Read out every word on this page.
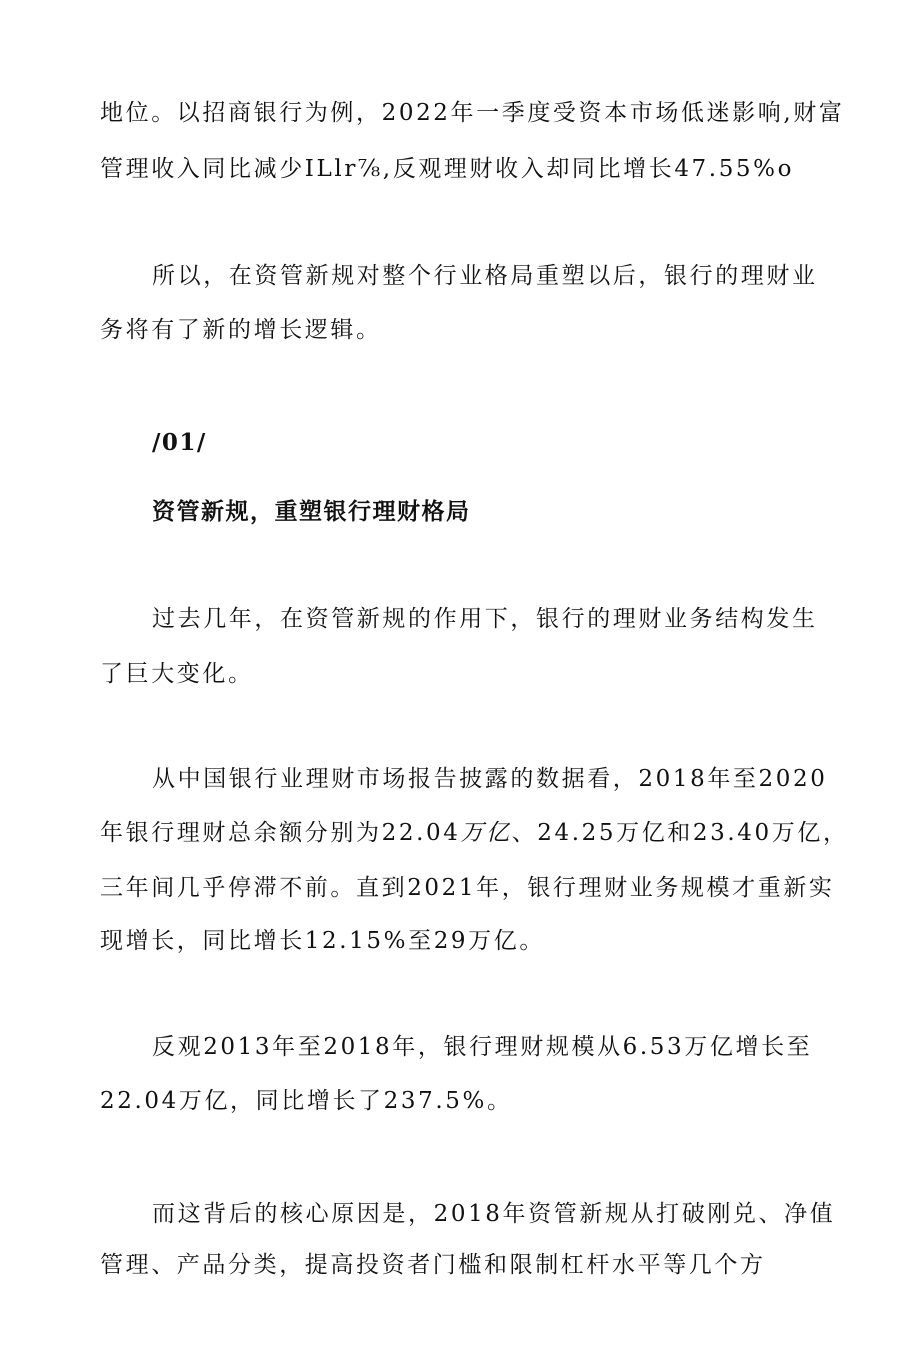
地位。以招商银行为例，2022年一季度受资本市场低迷影响,财富
管理收入同比减少ILlr⅞,反观理财收入却同比增长47.55%o
所以，在资管新规对整个行业格局重塑以后，银行的理财业
务将有了新的增长逻辑。
/01/
资管新规，重塑银行理财格局
过去几年，在资管新规的作用下，银行的理财业务结构发生
了巨大变化。
从中国银行业理财市场报告披露的数据看，2018年至2020
年银行理财总余额分别为22.04万亿、24.25万亿和23.40万亿，
三年间几乎停滞不前。直到2021年，银行理财业务规模才重新实
现增长，同比增长12.15%至29万亿。
反观2013年至2018年，银行理财规模从6.53万亿增长至
22.04万亿，同比增长了237.5%。
而这背后的核心原因是，2018年资管新规从打破刚兑、净值
管理、产品分类，提高投资者门槛和限制杠杆水平等几个方
